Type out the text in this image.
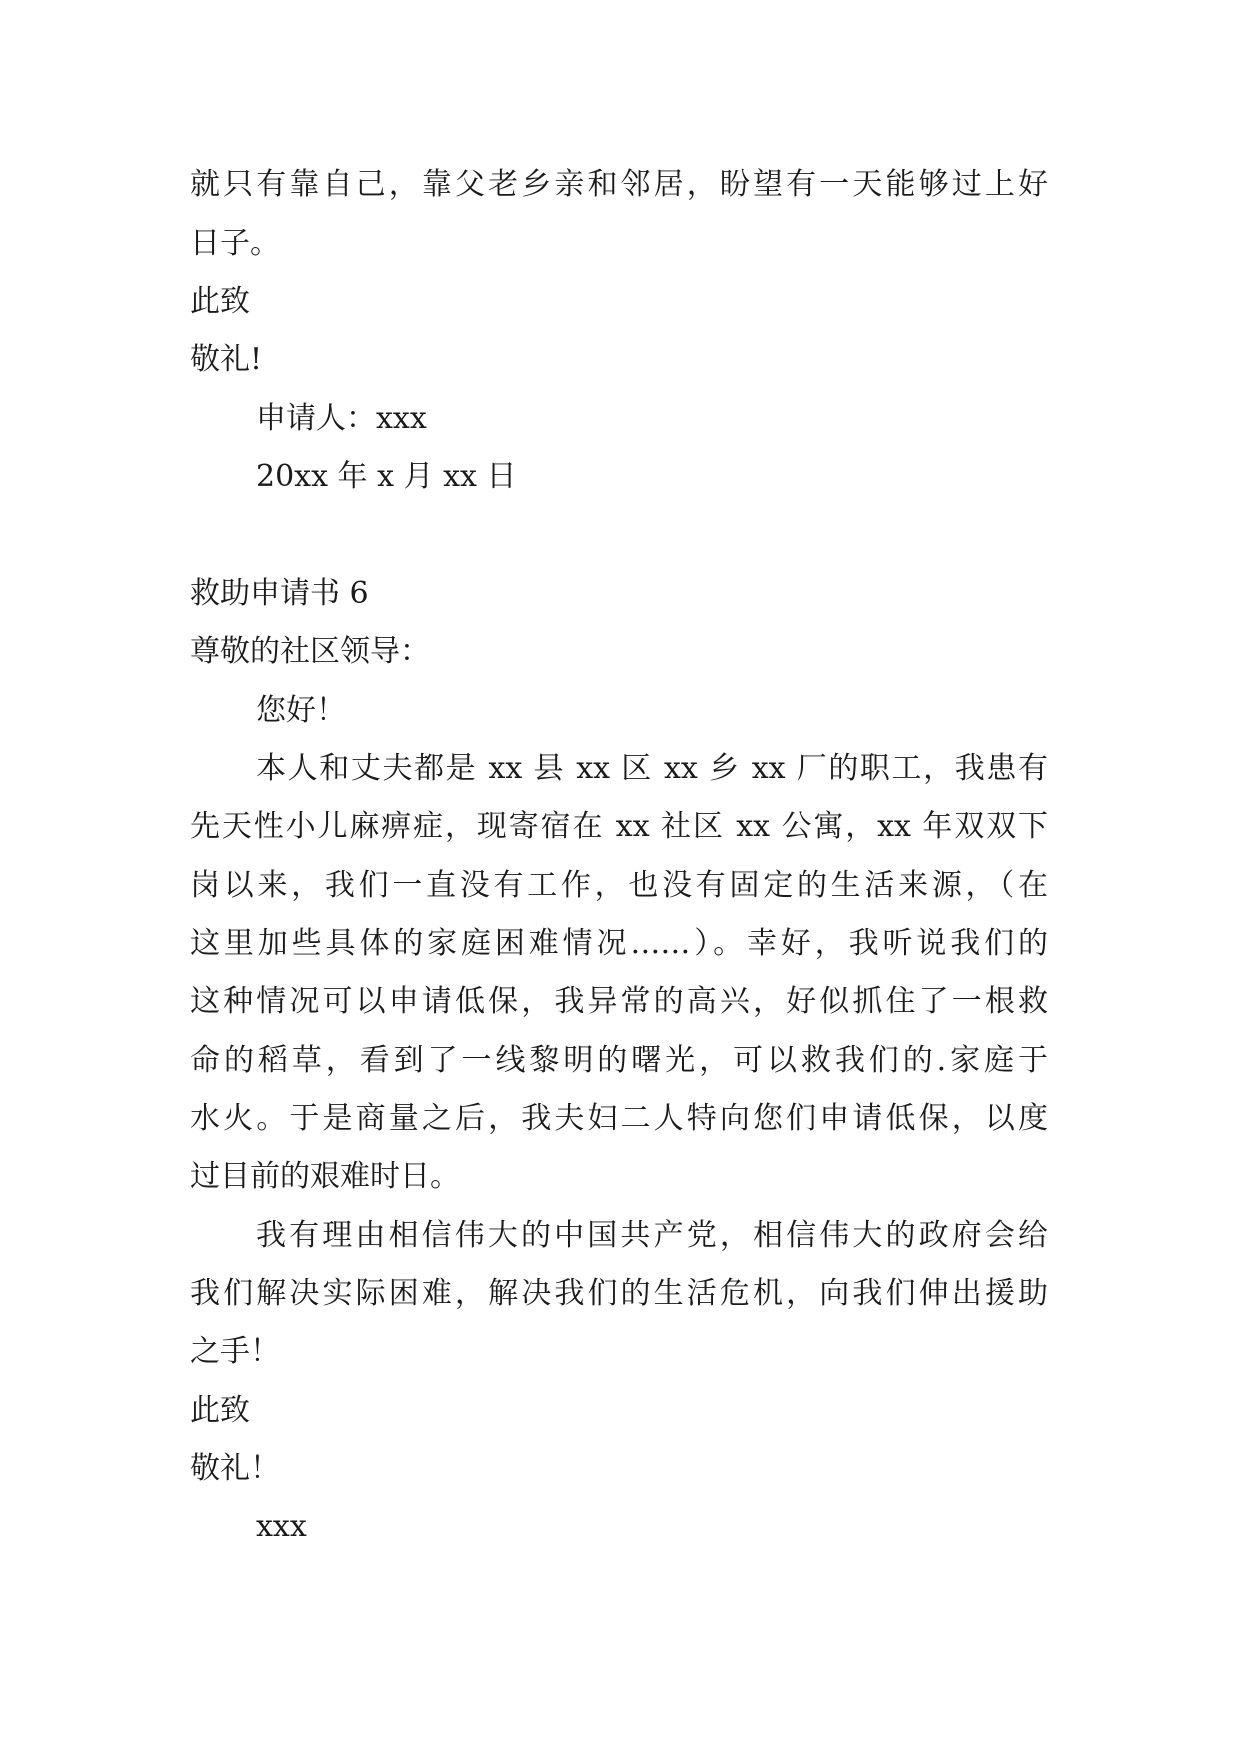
就只有靠自己，靠父老乡亲和邻居，盼望有一天能够过上好
日子。
此致
敬礼!
申请人：xxx
20xx 年 x 月 xx 日
救助申请书 6
尊敬的社区领导：
您好！
本人和丈夫都是 xx 县 xx 区 xx 乡 xx 厂的职工，我患有
先天性小儿麻痹症，现寄宿在 xx 社区 xx 公寓，xx 年双双下
岗以来，我们一直没有工作，也没有固定的生活来源，（在
这里加些具体的家庭困难情况……）。幸好，我听说我们的
这种情况可以申请低保，我异常的高兴，好似抓住了一根救
命的稻草，看到了一线黎明的曙光，可以救我们的.家庭于
水火。于是商量之后，我夫妇二人特向您们申请低保，以度
过目前的艰难时日。
我有理由相信伟大的中国共产党，相信伟大的政府会给
我们解决实际困难，解决我们的生活危机，向我们伸出援助
之手！
此致
敬礼！
xxx
